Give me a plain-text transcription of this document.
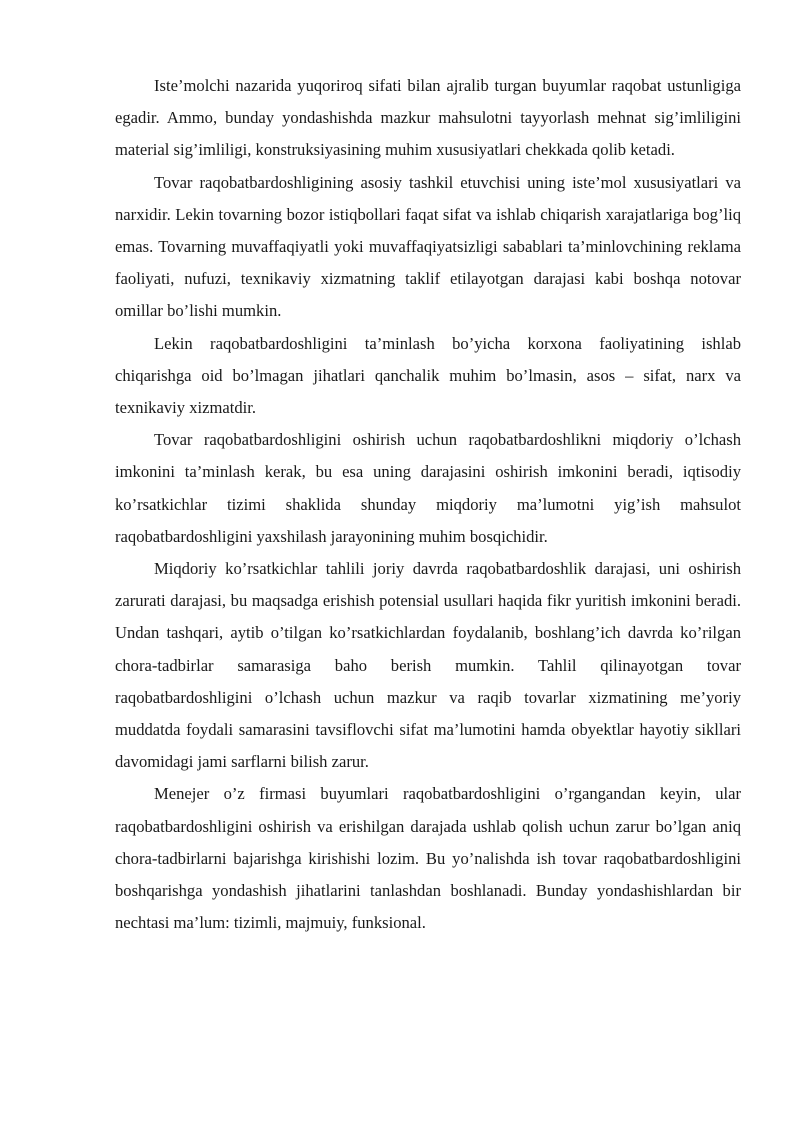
Iste’molchi nazarida yuqoriroq sifati bilan ajralib turgan buyumlar raqobat ustunligiga egadir. Ammo, bunday yondashishda mazkur mahsulotni tayyorlash mehnat sig’imliligini material sig’imliligi, konstruksiyasining muhim xususiyatlari chekkada qolib ketadi.

Tovar raqobatbardoshligining asosiy tashkil etuvchisi uning iste’mol xususiyatlari va narxidir. Lekin tovarning bozor istiqbollari faqat sifat va ishlab chiqarish xarajatlariga bog’liq emas. Tovarning muvaffaqiyatli yoki muvaffaqiyatsizligi sabablari ta’minlovchining reklama faoliyati, nufuzi, texnikaviy xizmatning taklif etilayotgan darajasi kabi boshqa notovar omillar bo’lishi mumkin.

Lekin raqobatbardoshligini ta’minlash bo’yicha korxona faoliyatining ishlab chiqarishga oid bo’lmagan jihatlari qanchalik muhim bo’lmasin, asos – sifat, narx va texnikaviy xizmatdir.

Tovar raqobatbardoshligini oshirish uchun raqobatbardoshlikni miqdoriy o’lchash imkonini ta’minlash kerak, bu esa uning darajasini oshirish imkonini beradi, iqtisodiy ko’rsatkichlar tizimi shaklida shunday miqdoriy ma’lumotni yig’ish mahsulot raqobatbardoshligini yaxshilash jarayonining muhim bosqichidir.

Miqdoriy ko’rsatkichlar tahlili joriy davrda raqobatbardoshlik darajasi, uni oshirish zarurati darajasi, bu maqsadga erishish potensial usullari haqida fikr yuritish imkonini beradi. Undan tashqari, aytib o’tilgan ko’rsatkichlardan foydalanib, boshlang’ich davrda ko’rilgan chora-tadbirlar samarasiga baho berish mumkin. Tahlil qilinayotgan tovar raqobatbardoshligini o’lchash uchun mazkur va raqib tovarlar xizmatining me’yoriy muddatda foydali samarasini tavsiflovchi sifat ma’lumotini hamda obyektlar hayotiy sikllari davomidagi jami sarflarni bilish zarur.

Menejer o’z firmasi buyumlari raqobatbardoshligini o’rgangandan keyin, ular raqobatbardoshligini oshirish va erishilgan darajada ushlab qolish uchun zarur bo’lgan aniq chora-tadbirlarni bajarishga kirishishi lozim. Bu yo’nalishda ish tovar raqobatbardoshligini boshqarishga yondashish jihatlarini tanlashdan boshlanadi. Bunday yondashishlardan bir nechtasi ma’lum: tizimli, majmuiy, funksional.
